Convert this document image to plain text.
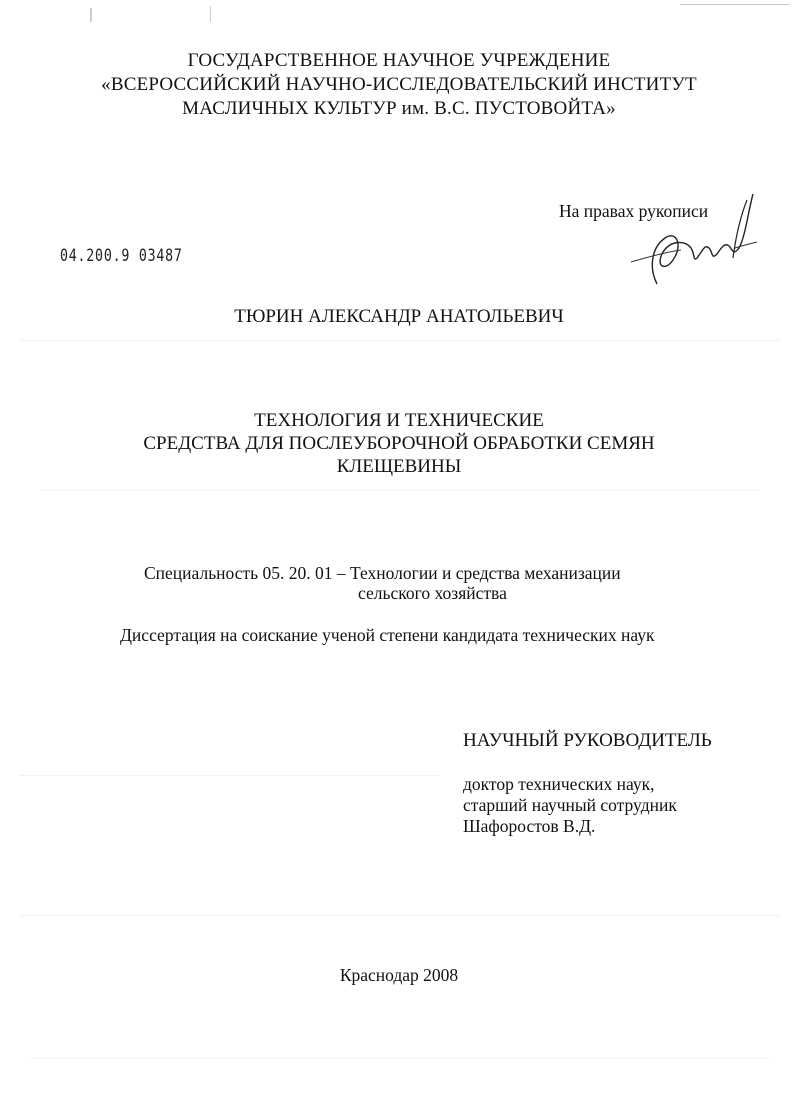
ГОСУДАРСТВЕННОЕ НАУЧНОЕ УЧРЕЖДЕНИЕ
«ВСЕРОССИЙСКИЙ НАУЧНО-ИССЛЕДОВАТЕЛЬСКИЙ ИНСТИТУТ
МАСЛИЧНЫХ КУЛЬТУР им. В.С. ПУСТОВОЙТА»
На правах рукописи
04.200.9 03487
ТЮРИН АЛЕКСАНДР АНАТОЛЬЕВИЧ
ТЕХНОЛОГИЯ И ТЕХНИЧЕСКИЕ
СРЕДСТВА ДЛЯ ПОСЛЕУБОРОЧНОЙ ОБРАБОТКИ СЕМЯН
КЛЕЩЕВИНЫ
Специальность 05. 20. 01 – Технологии и средства механизации
сельского хозяйства
Диссертация на соискание ученой степени кандидата технических наук
НАУЧНЫЙ РУКОВОДИТЕЛЬ
доктор технических наук,
старший научный сотрудник
Шафоростов В.Д.
Краснодар 2008
